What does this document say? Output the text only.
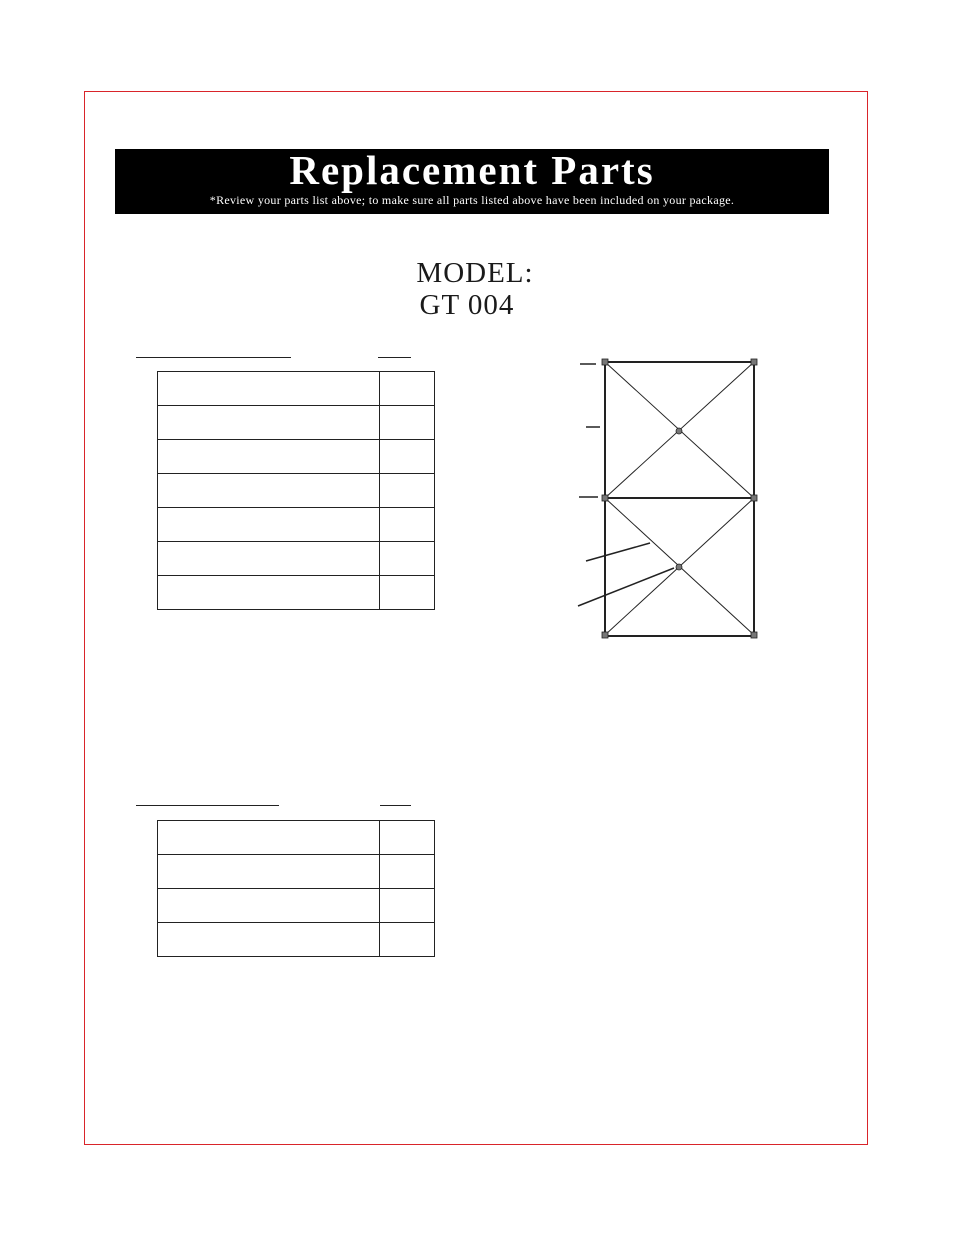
Replacement Parts
*Review your parts list above; to make sure all parts listed above have been included on your package.
MODEL:
GT 004
